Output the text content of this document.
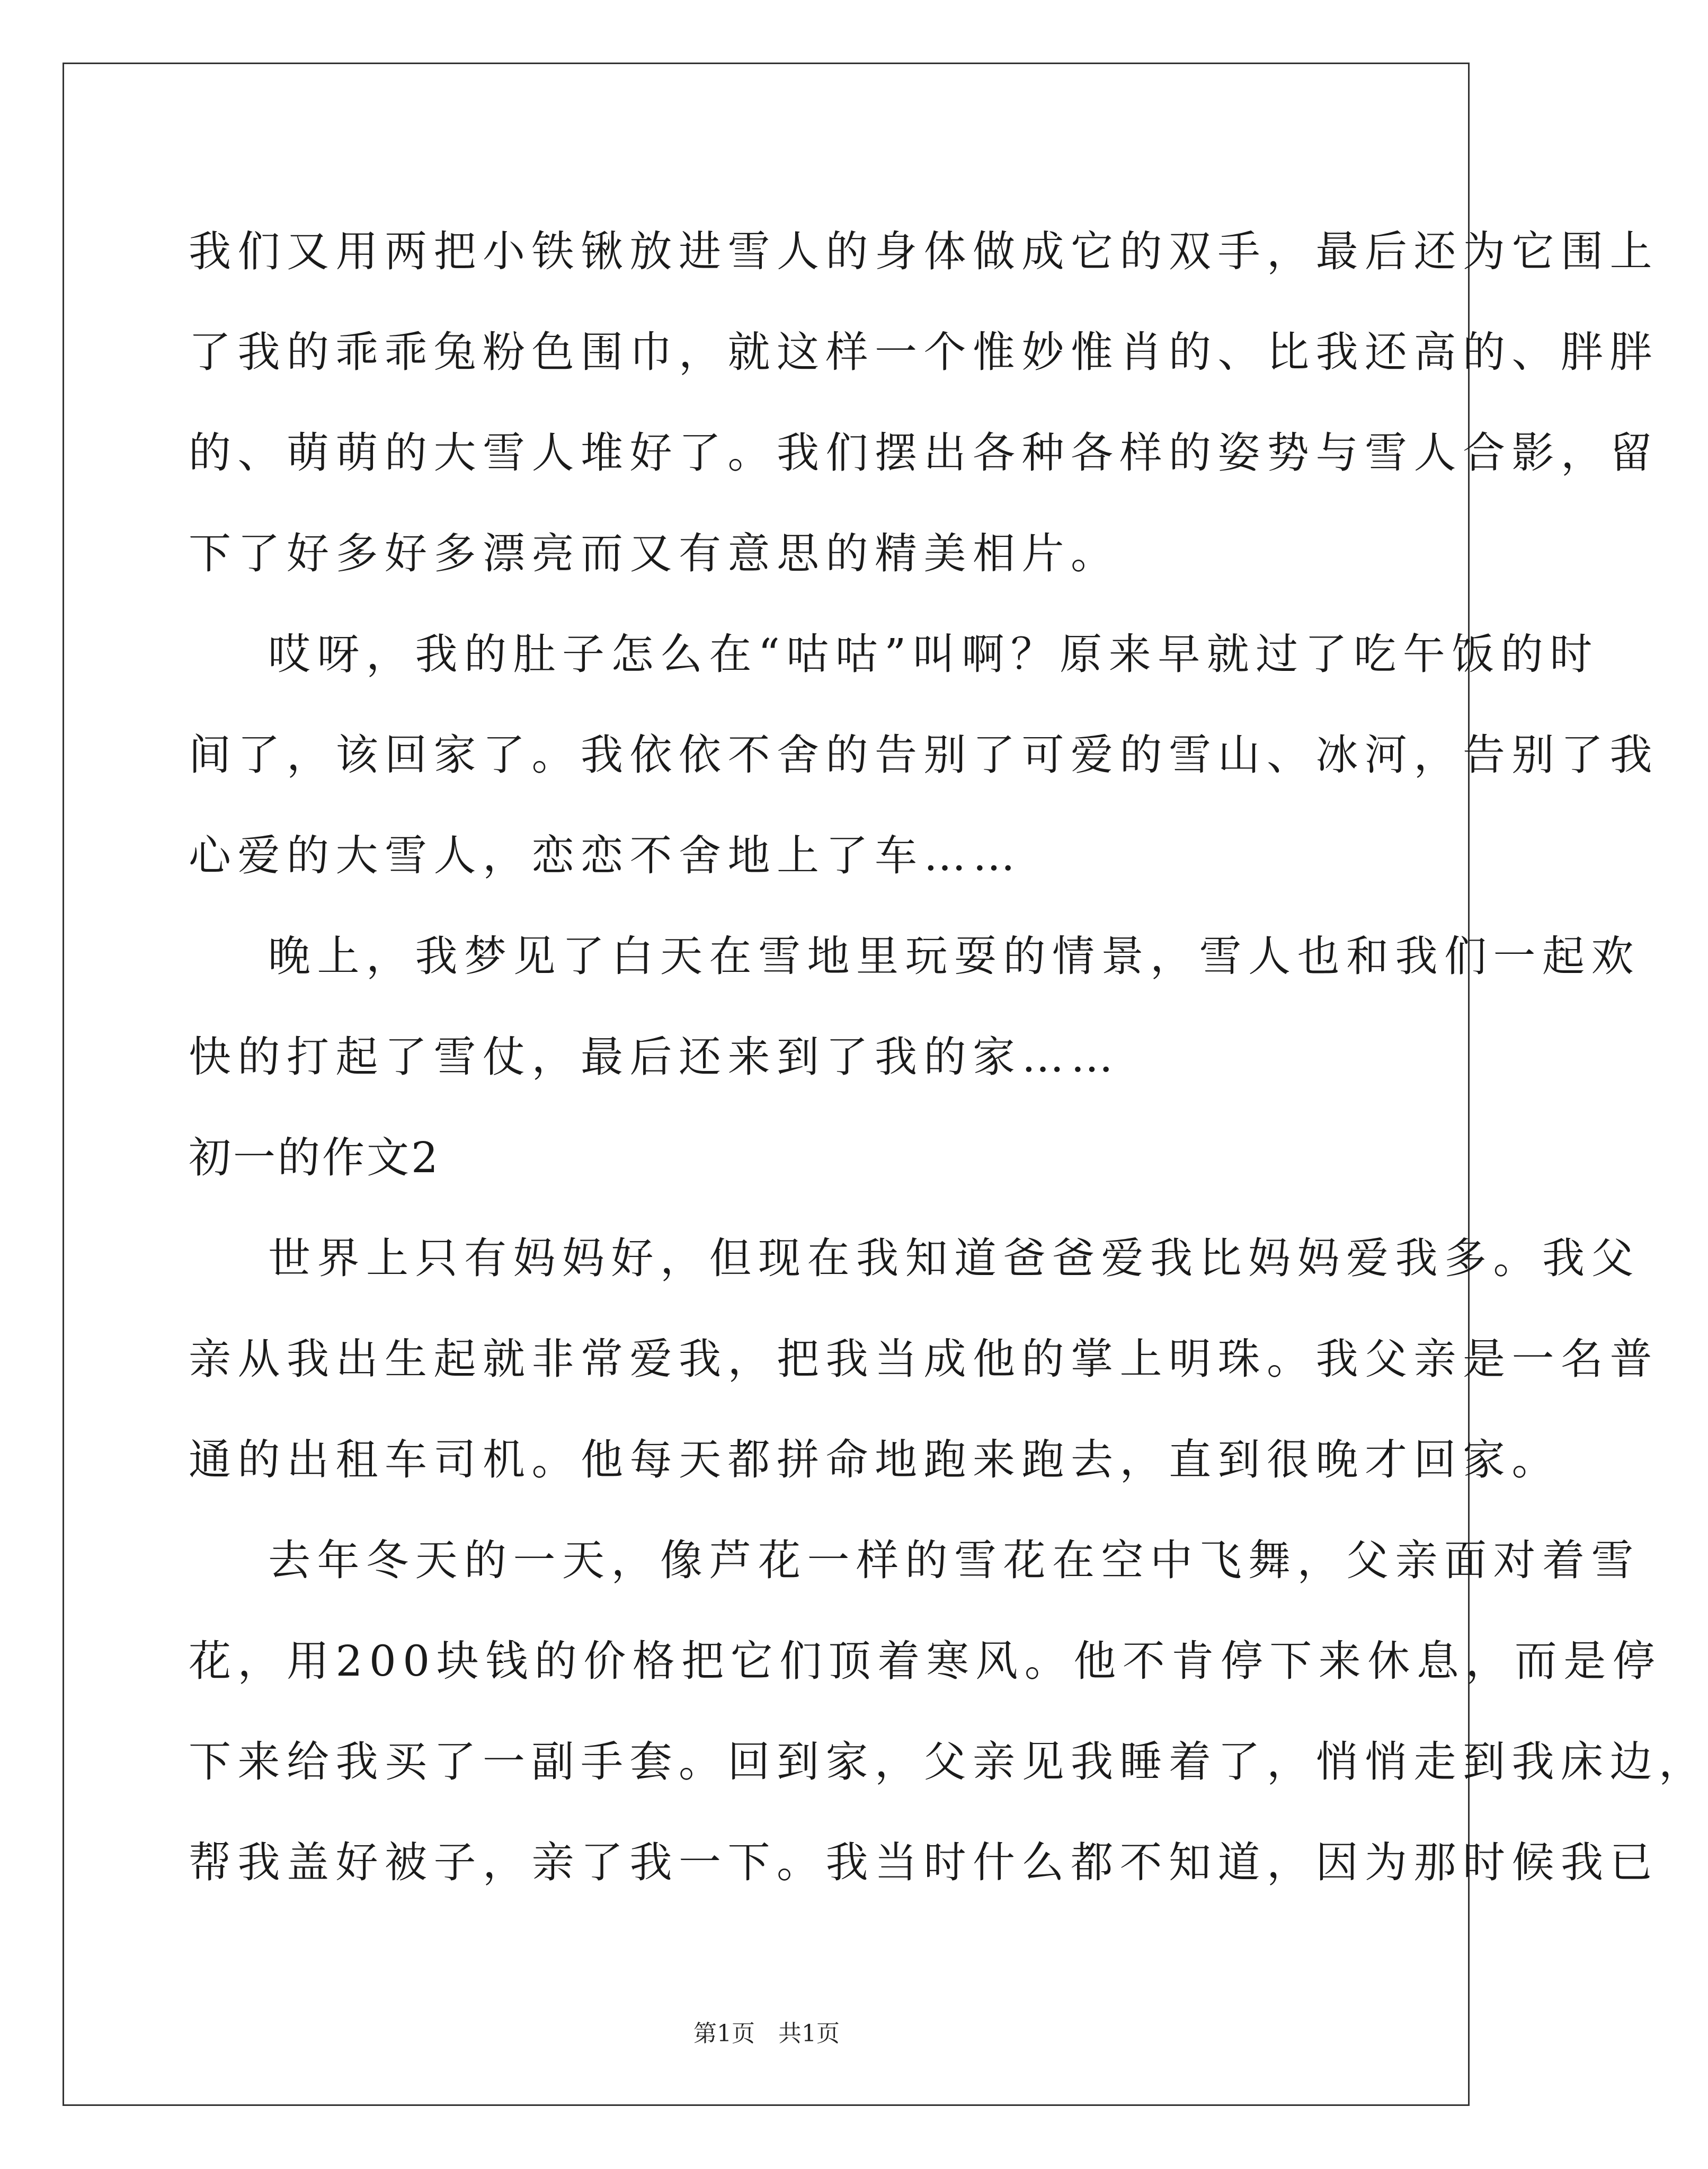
我们又用两把小铁锹放进雪人的身体做成它的双手，最后还为它围上
了我的乖乖兔粉色围巾，就这样一个惟妙惟肖的、比我还高的、胖胖
的、萌萌的大雪人堆好了。我们摆出各种各样的姿势与雪人合影，留
下了好多好多漂亮而又有意思的精美相片。
哎呀，我的肚子怎么在“咕咕”叫啊？原来早就过了吃午饭的时
间了，该回家了。我依依不舍的告别了可爱的雪山、冰河，告别了我
心爱的大雪人，恋恋不舍地上了车……
晚上，我梦见了白天在雪地里玩耍的情景，雪人也和我们一起欢
快的打起了雪仗，最后还来到了我的家……
初一的作文2
世界上只有妈妈好，但现在我知道爸爸爱我比妈妈爱我多。我父
亲从我出生起就非常爱我，把我当成他的掌上明珠。我父亲是一名普
通的出租车司机。他每天都拼命地跑来跑去，直到很晚才回家。
去年冬天的一天，像芦花一样的雪花在空中飞舞，父亲面对着雪
花，用200块钱的价格把它们顶着寒风。他不肯停下来休息，而是停
下来给我买了一副手套。回到家，父亲见我睡着了，悄悄走到我床边，
帮我盖好被子，亲了我一下。我当时什么都不知道，因为那时候我已
第1页　共1页
